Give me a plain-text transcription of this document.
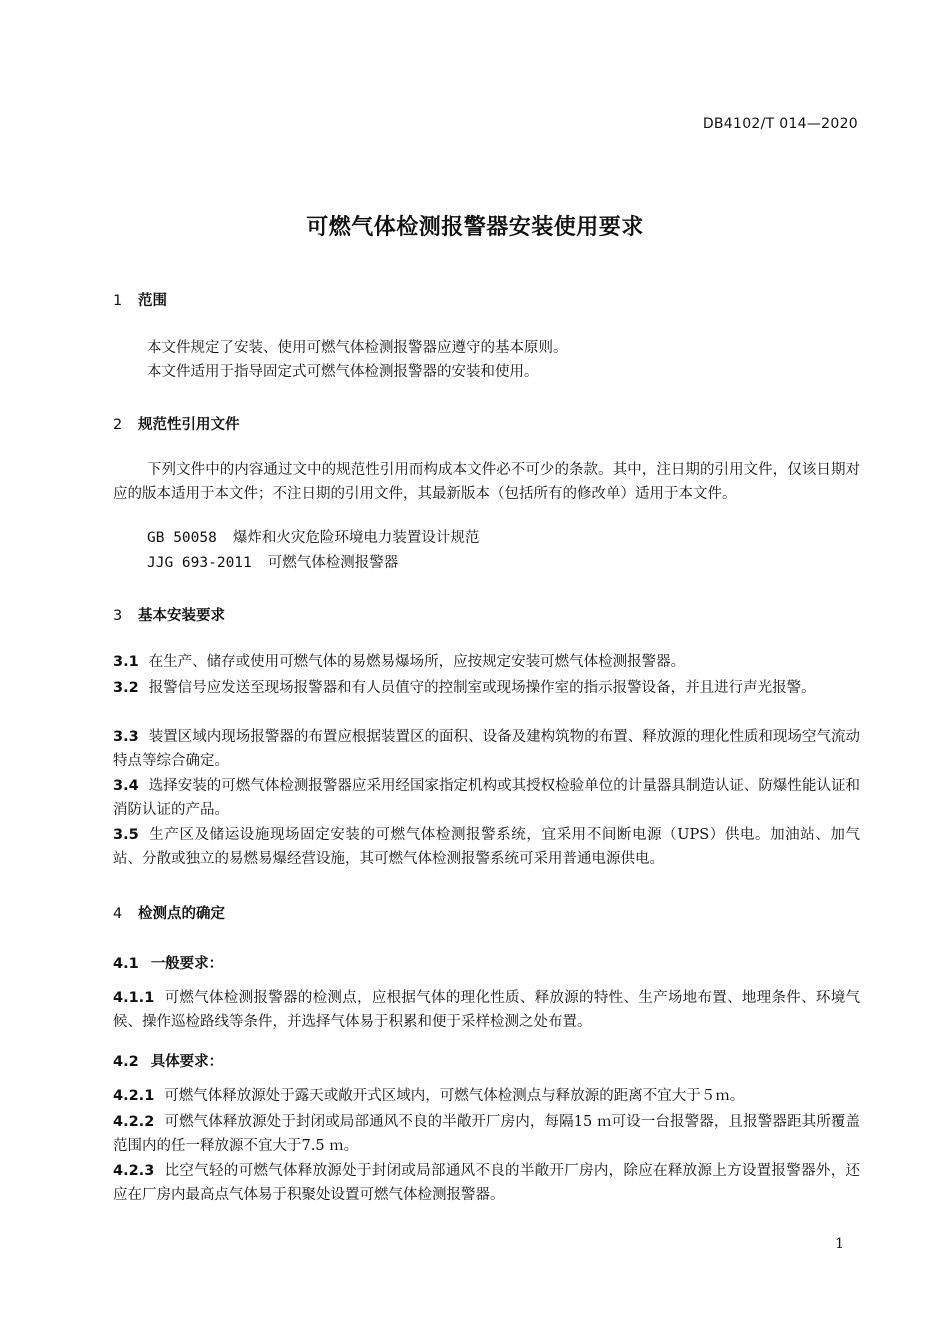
DB4102/T 014—2020
可燃气体检测报警器安装使用要求
1 范围
本文件规定了安装、使用可燃气体检测报警器应遵守的基本原则。
本文件适用于指导固定式可燃气体检测报警器的安装和使用。
2 规范性引用文件
下列文件中的内容通过文中的规范性引用而构成本文件必不可少的条款。其中，注日期的引用文件，仅该日期对应的版本适用于本文件；不注日期的引用文件，其最新版本（包括所有的修改单）适用于本文件。
GB 50058 爆炸和火灾危险环境电力装置设计规范
JJG 693-2011 可燃气体检测报警器
3 基本安装要求
3.1 在生产、储存或使用可燃气体的易燃易爆场所，应按规定安装可燃气体检测报警器。
3.2 报警信号应发送至现场报警器和有人员值守的控制室或现场操作室的指示报警设备，并且进行声光报警。
3.3 装置区域内现场报警器的布置应根据装置区的面积、设备及建构筑物的布置、释放源的理化性质和现场空气流动特点等综合确定。
3.4 选择安装的可燃气体检测报警器应采用经国家指定机构或其授权检验单位的计量器具制造认证、防爆性能认证和消防认证的产品。
3.5 生产区及储运设施现场固定安装的可燃气体检测报警系统，宜采用不间断电源（UPS）供电。加油站、加气站、分散或独立的易燃易爆经营设施，其可燃气体检测报警系统可采用普通电源供电。
4 检测点的确定
4.1 一般要求：
4.1.1 可燃气体检测报警器的检测点，应根据气体的理化性质、释放源的特性、生产场地布置、地理条件、环境气候、操作巡检路线等条件，并选择气体易于积累和便于采样检测之处布置。
4.2 具体要求：
4.2.1 可燃气体释放源处于露天或敞开式区域内，可燃气体检测点与释放源的距离不宜大于５ｍ。
4.2.2 可燃气体释放源处于封闭或局部通风不良的半敞开厂房内，每隔15 ｍ可设一台报警器，且报警器距其所覆盖范围内的任一释放源不宜大于7.5 ｍ。
4.2.3 比空气轻的可燃气体释放源处于封闭或局部通风不良的半敞开厂房内，除应在释放源上方设置报警器外，还应在厂房内最高点气体易于积聚处设置可燃气体检测报警器。
1
